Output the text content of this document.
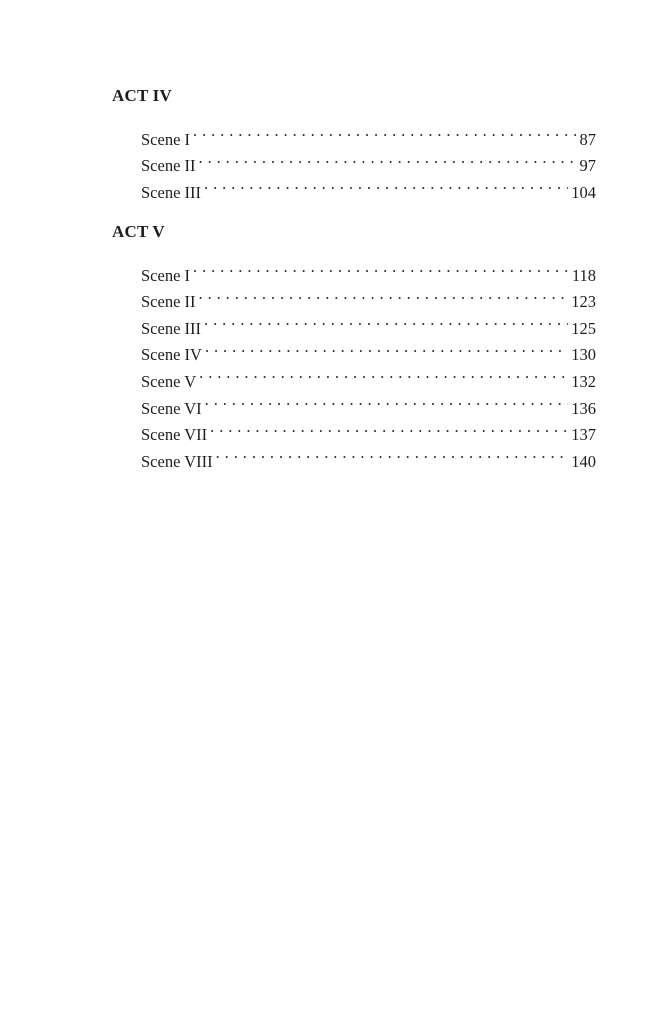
ACT IV
Scene I . . .	87
Scene II . . .	97
Scene III . . .	104
ACT V
Scene I . . .	118
Scene II . . .	123
Scene III . . .	125
Scene IV . . .	130
Scene V . . .	132
Scene VI . . .	136
Scene VII . . .	137
Scene VIII . . .	140
